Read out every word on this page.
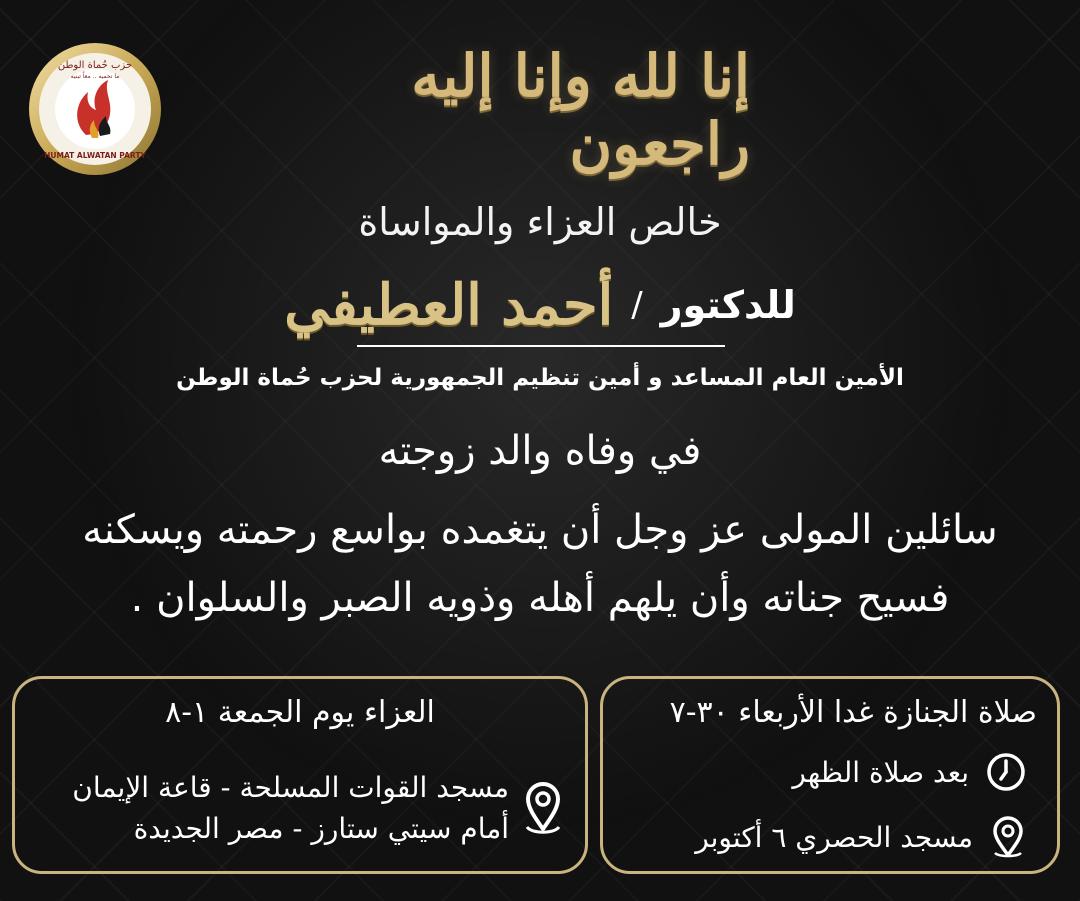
حزب حُماة الوطن
ما تحميه .. معاً تبنيه
HUMAT ALWATAN PARTY
إنا لله وإنا إليه راجعون
خالص العزاء والمواساة
للدكتور
/
أحمد العطيفي
الأمين العام المساعد و أمين تنظيم الجمهورية لحزب حُماة الوطن
في وفاه والد زوجته
سائلين المولى عز وجل أن يتغمده بواسع رحمته ويسكنه
فسيح جناته وأن يلهم أهله وذويه الصبر والسلوان .
صلاة الجنازة غدا الأربعاء ٣٠-٧
بعد صلاة الظهر
مسجد الحصري ٦ أكتوبر
العزاء يوم الجمعة ١-٨
مسجد القوات المسلحة - قاعة الإيمان
أمام سيتي ستارز - مصر الجديدة
